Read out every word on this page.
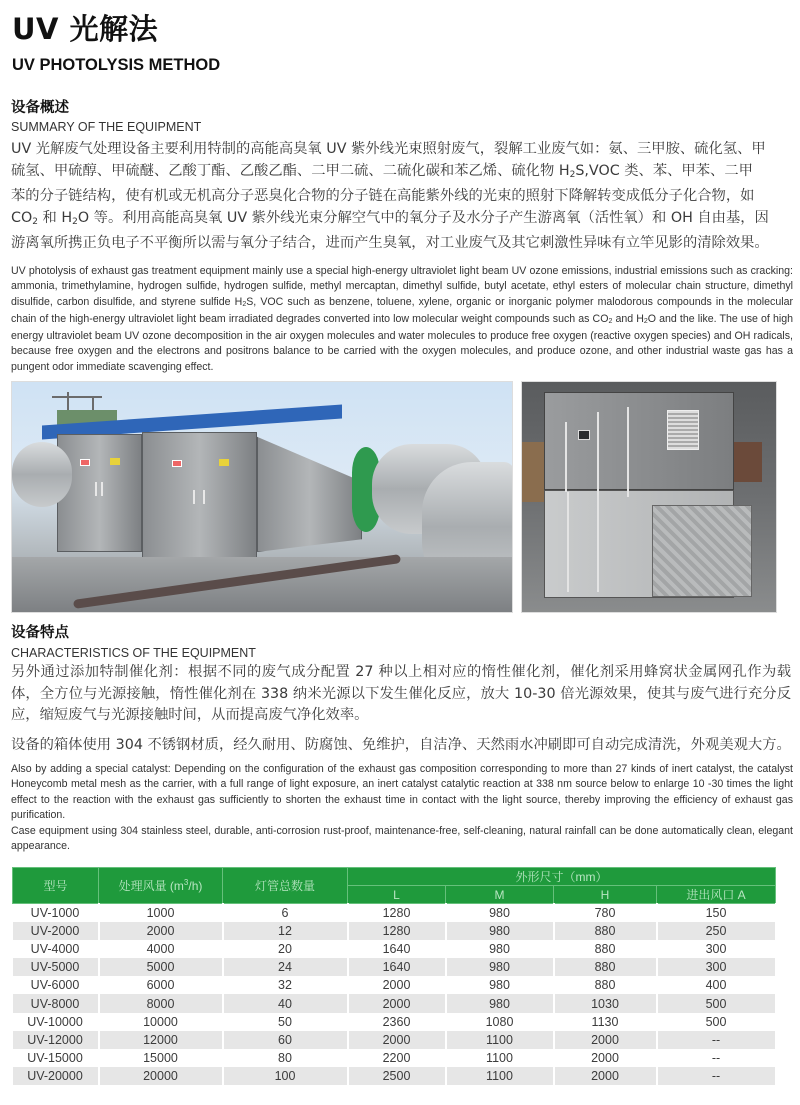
UV 光解法
UV PHOTOLYSIS METHOD
设备概述
SUMMARY OF THE EQUIPMENT
UV 光解废气处理设备主要利用特制的高能高臭氧 UV 紫外线光束照射废气，裂解工业废气如：氨、三甲胺、硫化氢、甲
硫氢、甲硫醇、甲硫醚、乙酸丁酯、乙酸乙酯、二甲二硫、二硫化碳和苯乙烯、硫化物 $H_2S,VOC$ 类、苯、甲苯、二甲
苯的分子链结构，使有机或无机高分子恶臭化合物的分子链在高能紫外线的光束的照射下降解转变成低分子化合物，如
$CO_2$ 和 $H_2O$ 等。利用高能高臭氧 UV 紫外线光束分解空气中的氧分子及水分子产生游离氧（活性氧）和 OH 自由基，因
游离氧所携正负电子不平衡所以需与氧分子结合，进而产生臭氧，对工业废气及其它刺激性异味有立竿见影的清除效果。
UV photolysis of exhaust gas treatment equipment mainly use a special high-energy ultraviolet light beam UV ozone emissions, industrial emissions such as cracking: ammonia, trimethylamine, hydrogen sulfide, hydrogen sulfide, methyl mercaptan, dimethyl sulfide, butyl acetate, ethyl esters of molecular chain structure, dimethyl disulfide, carbon disulfide, and styrene sulfide $H_2S$, VOC such as benzene, toluene, xylene, organic or inorganic polymer malodorous compounds in the molecular chain of the high-energy ultraviolet light beam irradiated degrades converted into low molecular weight compounds such as $CO_2$ and $H_2O$ and the like. The use of high energy ultraviolet beam UV ozone decomposition in the air oxygen molecules and water molecules to produce free oxygen (reactive oxygen species) and OH radicals, because free oxygen and the electrons and positrons balance to be carried with the oxygen molecules, and produce ozone, and other industrial waste gas has a pungent odor immediate scavenging effect.
设备特点
CHARACTERISTICS OF THE EQUIPMENT
另外通过添加特制催化剂：根据不同的废气成分配置 27 种以上相对应的惰性催化剂，催化剂采用蜂窝状金属网孔作为载体，全方位与光源接触，惰性催化剂在 338 纳米光源以下发生催化反应，放大 10-30 倍光源效果，使其与废气进行充分反应，缩短废气与光源接触时间，从而提高废气净化效率。
设备的箱体使用 304 不锈钢材质，经久耐用、防腐蚀、免维护，自洁净、天然雨水冲刷即可自动完成清洗，外观美观大方。
Also by adding a special catalyst: Depending on the configuration of the exhaust gas composition corresponding to more than 27 kinds of inert catalyst, the catalyst Honeycomb metal mesh as the carrier, with a full range of light exposure, an inert catalyst catalytic reaction at 338 nm source below to enlarge 10 -30 times the light effect to the reaction with the exhaust gas sufficiently to shorten the exhaust time in contact with the light source, thereby improving the efficiency of exhaust gas purification.
Case equipment using 304 stainless steel, durable, anti-corrosion rust-proof, maintenance-free, self-cleaning, natural rainfall can be done automatically clean, elegant appearance.
型号	处理风量 $(m^3/h)$	灯管总数量	外形尺寸（mm）			
			L	M	H	进出风口 A
UV-1000	1000	6	1280	980	780	150
UV-2000	2000	12	1280	980	880	250
UV-4000	4000	20	1640	980	880	300
UV-5000	5000	24	1640	980	880	300
UV-6000	6000	32	2000	980	880	400
UV-8000	8000	40	2000	980	1030	500
UV-10000	10000	50	2360	1080	1130	500
UV-12000	12000	60	2000	1100	2000	--
UV-15000	15000	80	2200	1100	2000	--
UV-20000	20000	100	2500	1100	2000	--
